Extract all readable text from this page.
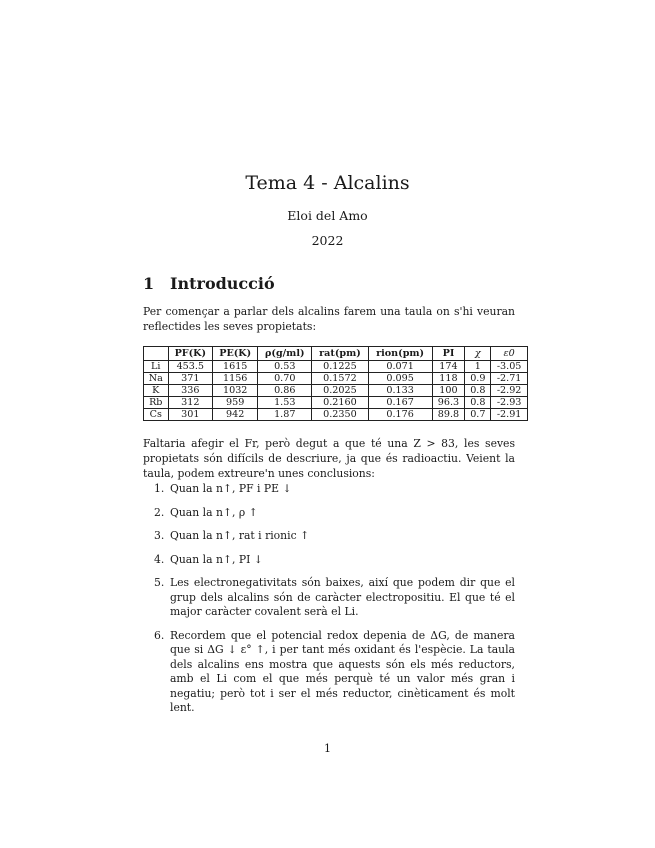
Tema 4 - Alcalins
Eloi del Amo
2022
1 Introducció
Per començar a parlar dels alcalins farem una taula on s'hi veuran reflectides les seves propietats:
	PF(K)	PE(K)	ρ(g/ml)	rat(pm)	rion(pm)	PI	χ	ε0
Li	453.5	1615	0.53	0.1225	0.071	174	1	-3.05
Na	371	1156	0.70	0.1572	0.095	118	0.9	-2.71
K	336	1032	0.86	0.2025	0.133	100	0.8	-2.92
Rb	312	959	1.53	0.2160	0.167	96.3	0.8	-2.93
Cs	301	942	1.87	0.2350	0.176	89.8	0.7	-2.91
Faltaria afegir el Fr, però degut a que té una Z > 83, les seves propietats són difícils de descriure, ja que és radioactiu. Veient la taula, podem extreure'n unes conclusions:
1. Quan la n↑, PF i PE ↓
2. Quan la n↑, ρ ↑
3. Quan la n↑, rat i rionic ↑
4. Quan la n↑, PI ↓
5. Les electronegativitats són baixes, així que podem dir que el grup dels alcalins són de caràcter electropositiu. El que té el major caràcter covalent serà el Li.
6. Recordem que el potencial redox depenia de ΔG, de manera que si ΔG ↓ ε° ↑, i per tant més oxidant és l'espècie. La taula dels alcalins ens mostra que aquests són els més reductors, amb el Li com el que més perquè té un valor més gran i negatiu; però tot i ser el més reductor, cinèticament és molt lent.
1
